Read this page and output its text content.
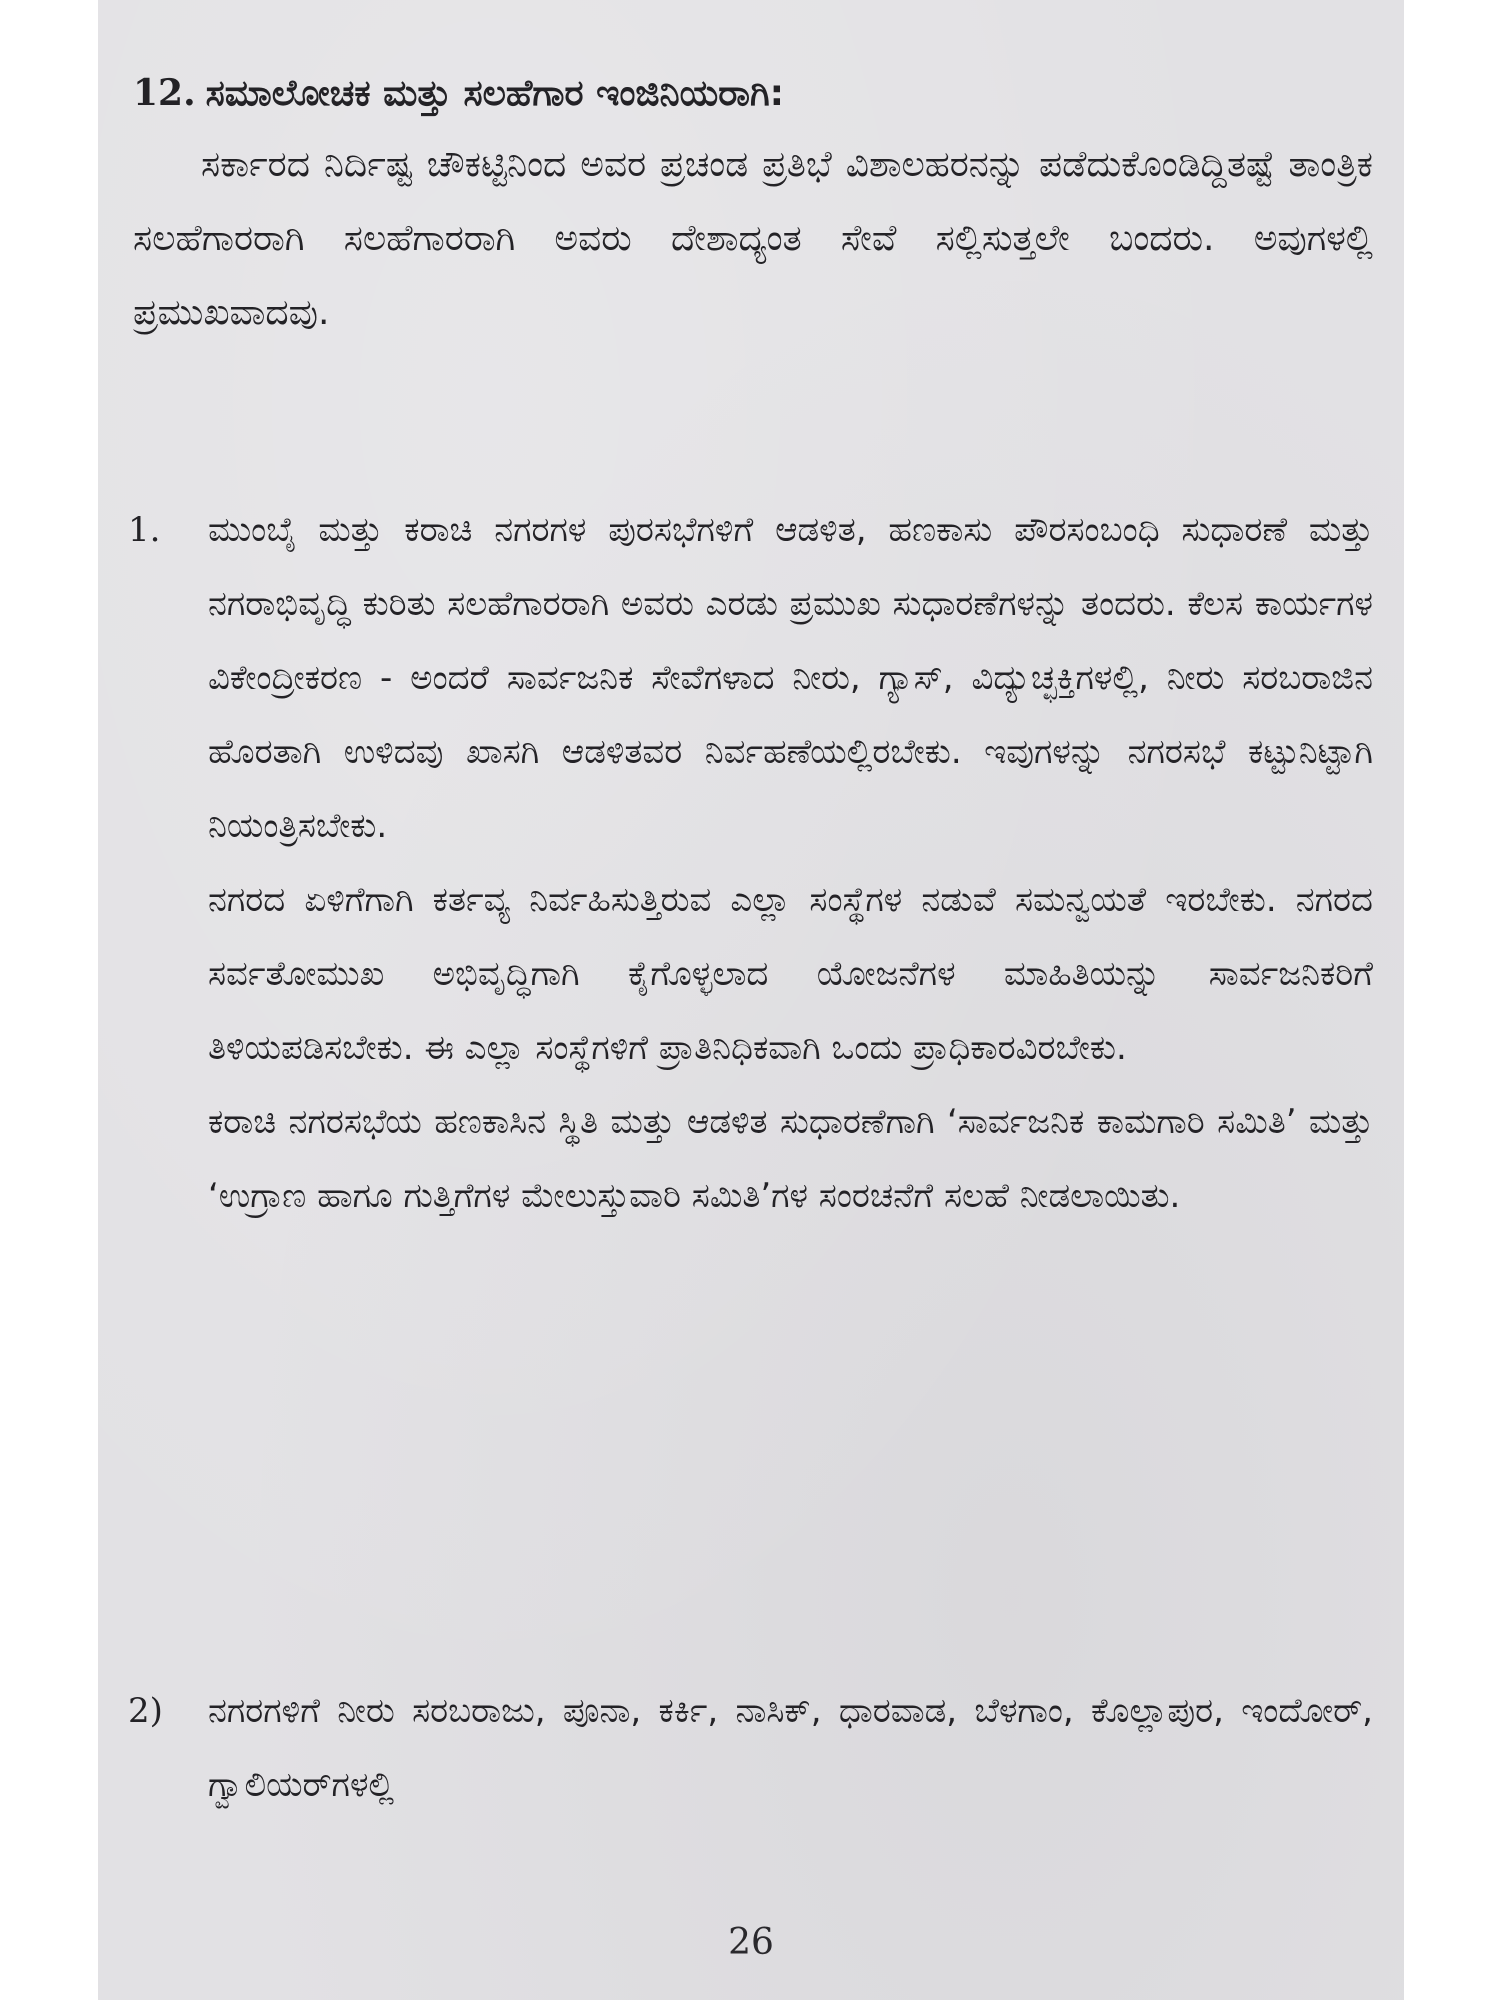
12. ಸಮಾಲೋಚಕ ಮತ್ತು ಸಲಹೆಗಾರ ಇಂಜಿನಿಯರಾಗಿ:

ಸರ್ಕಾರದ ನಿರ್ದಿಷ್ಟ ಚೌಕಟ್ಟಿನಿಂದ ಅವರ ಪ್ರಚಂಡ ಪ್ರತಿಭೆ ವಿಶಾಲಹರನನ್ನು ಪಡೆದುಕೊಂಡಿದ್ದಿತಷ್ಟೆ ತಾಂತ್ರಿಕ ಸಲಹೆಗಾರರಾಗಿ ಸಲಹೆಗಾರರಾಗಿ ಅವರು ದೇಶಾದ್ಯಂತ ಸೇವೆ ಸಲ್ಲಿಸುತ್ತಲೇ ಬಂದರು. ಅವುಗಳಲ್ಲಿ ಪ್ರಮುಖವಾದವು.

1. ಮುಂಬೈ ಮತ್ತು ಕರಾಚಿ ನಗರಗಳ ಪುರಸಭೆಗಳಿಗೆ ಆಡಳಿತ, ಹಣಕಾಸು ಪೌರಸಂಬಂಧಿ ಸುಧಾರಣೆ ಮತ್ತು ನಗರಾಭಿವೃದ್ಧಿ ಕುರಿತು ಸಲಹೆಗಾರರಾಗಿ ಅವರು ಎರಡು ಪ್ರಮುಖ ಸುಧಾರಣೆಗಳನ್ನು ತಂದರು. ಕೆಲಸ ಕಾರ್ಯಗಳ ವಿಕೇಂದ್ರೀಕರಣ - ಅಂದರೆ ಸಾರ್ವಜನಿಕ ಸೇವೆಗಳಾದ ನೀರು, ಗ್ಯಾಸ್, ವಿದ್ಯುಚ್ಛಕ್ತಿಗಳಲ್ಲಿ, ನೀರು ಸರಬರಾಜಿನ ಹೊರತಾಗಿ ಉಳಿದವು ಖಾಸಗಿ ಆಡಳಿತವರ ನಿರ್ವಹಣೆಯಲ್ಲಿರಬೇಕು. ಇವುಗಳನ್ನು ನಗರಸಭೆ ಕಟ್ಟುನಿಟ್ಟಾಗಿ ನಿಯಂತ್ರಿಸಬೇಕು.

ನಗರದ ಏಳಿಗೆಗಾಗಿ ಕರ್ತವ್ಯ ನಿರ್ವಹಿಸುತ್ತಿರುವ ಎಲ್ಲಾ ಸಂಸ್ಥೆಗಳ ನಡುವೆ ಸಮನ್ವಯತೆ ಇರಬೇಕು. ನಗರದ ಸರ್ವತೋಮುಖ ಅಭಿವೃದ್ಧಿಗಾಗಿ ಕೈಗೊಳ್ಳಲಾದ ಯೋಜನೆಗಳ ಮಾಹಿತಿಯನ್ನು ಸಾರ್ವಜನಿಕರಿಗೆ ತಿಳಿಯಪಡಿಸಬೇಕು. ಈ ಎಲ್ಲಾ ಸಂಸ್ಥೆಗಳಿಗೆ ಪ್ರಾತಿನಿಧಿಕವಾಗಿ ಒಂದು ಪ್ರಾಧಿಕಾರವಿರಬೇಕು.

ಕರಾಚಿ ನಗರಸಭೆಯ ಹಣಕಾಸಿನ ಸ್ಥಿತಿ ಮತ್ತು ಆಡಳಿತ ಸುಧಾರಣೆಗಾಗಿ ‘ಸಾರ್ವಜನಿಕ ಕಾಮಗಾರಿ ಸಮಿತಿ’ ಮತ್ತು ‘ಉಗ್ರಾಣ ಹಾಗೂ ಗುತ್ತಿಗೆಗಳ ಮೇಲುಸ್ತುವಾರಿ ಸಮಿತಿ’ಗಳ ಸಂರಚನೆಗೆ ಸಲಹೆ ನೀಡಲಾಯಿತು.

2) ನಗರಗಳಿಗೆ ನೀರು ಸರಬರಾಜು, ಪೂನಾ, ಕರ್ಕಿ, ನಾಸಿಕ್, ಧಾರವಾಡ, ಬೆಳಗಾಂ, ಕೊಲ್ಲಾಪುರ, ಇಂದೋರ್, ಗ್ವಾಲಿಯರ್‌ಗಳಲ್ಲಿ

26
